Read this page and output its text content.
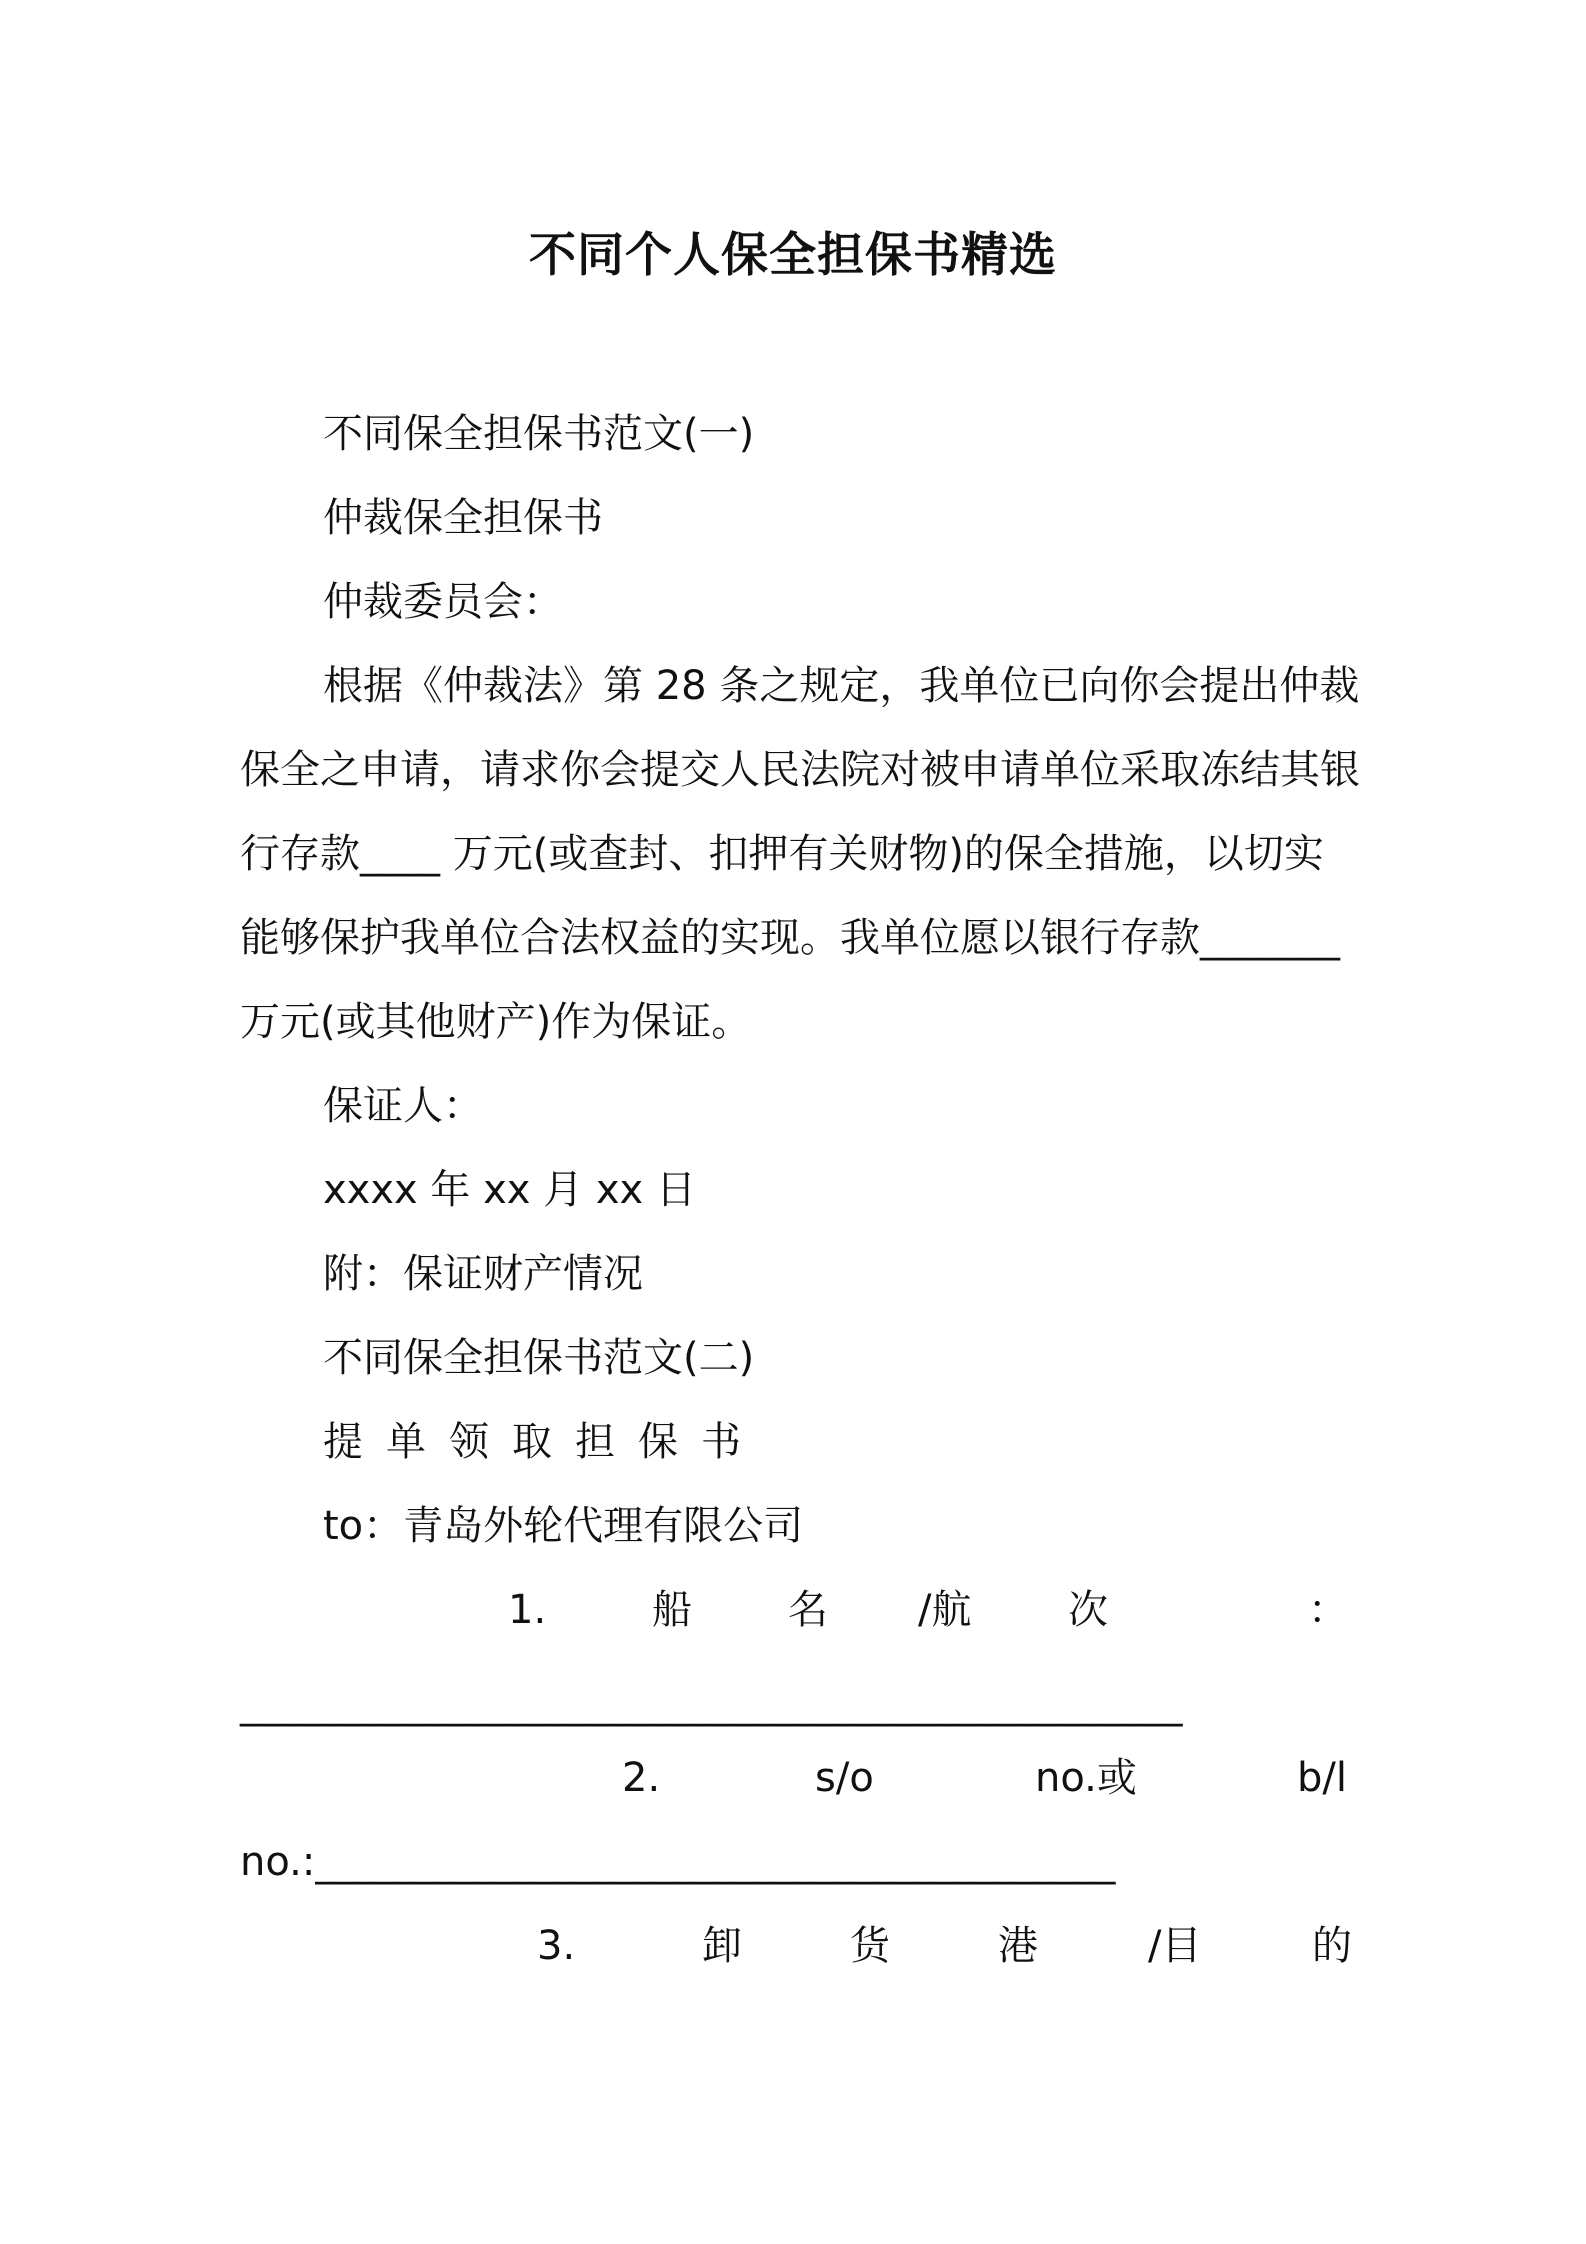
不同个人保全担保书精选
不同保全担保书范文(一)
仲裁保全担保书
仲裁委员会：
根据《仲裁法》第 28 条之规定，我单位已向你会提出仲裁
保全之申请，请求你会提交人民法院对被申请单位采取冻结其银
行存款____ 万元(或查封、扣押有关财物)的保全措施，以切实
能够保护我单位合法权益的实现。我单位愿以银行存款_______
万元(或其他财产)作为保证。
保证人：
xxxx 年 xx 月 xx 日
附：保证财产情况
不同保全担保书范文(二)
提单领取担保书
to：青岛外轮代理有限公司
1.	船 名 /航 次	：
______________________________________________
2.	s/o	no.或	b/l
no.:________________________________________
3.	卸	货	港	/目	的
